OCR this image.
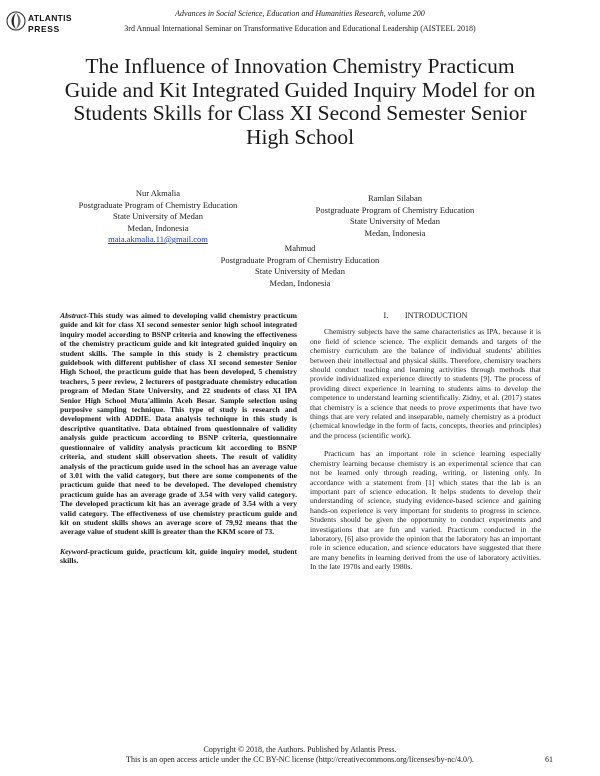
ATLANTIS
PRESS
Advances in Social Science, Education and Humanities Research, volume 200
3rd Annual International Seminar on Transformative Education and Educational Leadership (AISTEEL 2018)
The Influence of Innovation Chemistry Practicum
Guide and Kit Integrated Guided Inquiry Model for on
Students Skills for Class XI Second Semester Senior
High School
Nur Akmalia
Postgraduate Program of Chemistry Education
State University of Medan
Medan, Indonesia
maia.akmalia.11@gmail.com
Ramlan Silaban
Postgraduate Program of Chemistry Education
State University of Medan
Medan, Indonesia
Mahmud
Postgraduate Program of Chemistry Education
State University of Medan
Medan, Indonesia
Abstract-This study was aimed to developing valid chemistry practicum guide and kit for class XI second semester senior high school integrated inquiry model according to BSNP criteria and knowing the effectiveness of the chemistry practicum guide and kit integrated guided inquiry on student skills. The sample in this study is 2 chemistry practicum guidebook with different publisher of class XI second semester Senior High School, the practicum guide that has been developed, 5 chemistry teachers, 5 peer review, 2 lecturers of postgraduate chemistry education program of Medan State University, and 22 students of class XI IPA Senior High School Muta'allimin Aceh Besar. Sample selection using purposive sampling technique. This type of study is research and development with ADDIE. Data analysis technique in this study is descriptive quantitative. Data obtained from questionnaire of validity analysis guide practicum according to BSNP criteria, questionnaire questionnaire of validity analysis practicum kit according to BSNP criteria, and student skill observation sheets. The result of validity analysis of the practicum guide used in the school has an average value of 3.01 with the valid category, but there are some components of the practicum guide that need to be developed. The developed chemistry practicum guide has an average grade of 3.54 with very valid category. The developed practicum kit has an average grade of 3.54 with a very valid category. The effectiveness of use chemistry practicum guide and kit on student skills shows an average score of 79,92 means that the average value of student skill is greater than the KKM score of 73.
Keyword-practicum guide, practicum kit, guide inquiry model, student skills.
I.  INTRODUCTION

Chemistry subjects have the same characteristics as IPA, because it is one field of science science. The explicit demands and targets of the chemistry curriculum are the balance of individual students' abilities between their intellectual and physical skills. Therefore, chemistry teachers should conduct teaching and learning activities through methods that provide individualized experience directly to students [9]. The process of providing direct experience in learning to students aims to develop the competence to understand learning scientifically. Zidny, et al. (2017) states that chemistry is a science that needs to prove experiments that have two things that are very related and inseparable, namely chemistry as a product (chemical knowledge in the form of facts, concepts, theories and principles) and the process (scientific work).

Practicum has an important role in science learning especially chemistry learning because chemistry is an experimental science that can not be learned only through reading, writing, or listening only. In accordance with a statement from [1] which states that the lab is an important part of science education. It helps students to develop their understanding of science, studying evidence-based science and gaining hands-on experience is very important for students to progress in science. Students should be given the opportunity to conduct experiments and investigations that are fun and varied. Practicum conducted in the laboratory, [6] also provide the opinion that the laboratory has an important role in science education, and science educators have suggested that there are many benefits in learning derived from the use of laboratory activities. In the late 1970s and early 1980s.

Copyright © 2018, the Authors. Published by Atlantis Press.
This is an open access article under the CC BY-NC license (http://creativecommons.org/licenses/by-nc/4.0/).	61
